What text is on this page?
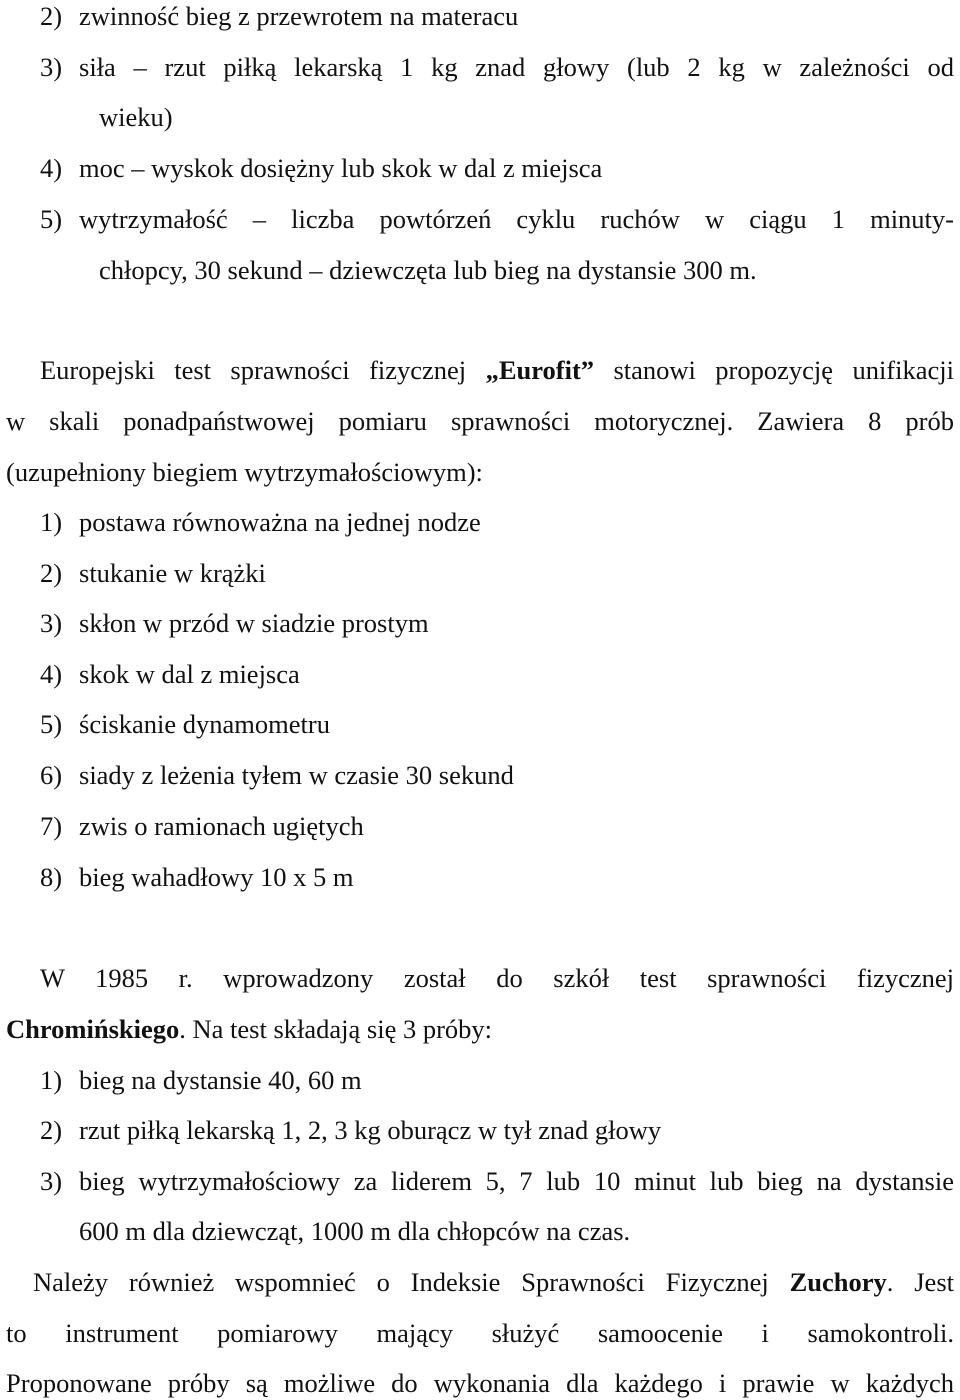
2) zwinność bieg z przewrotem na materacu
3) siła – rzut piłką lekarską 1 kg znad głowy (lub 2 kg w zależności od
wieku)
4) moc – wyskok dosiężny lub skok w dal z miejsca
5) wytrzymałość – liczba powtórzeń cyklu ruchów w ciągu 1 minuty-
chłopcy, 30 sekund – dziewczęta lub bieg na dystansie 300 m.
Europejski test sprawności fizycznej „Eurofit” stanowi propozycję unifikacji
w skali ponadpaństwowej pomiaru sprawności motorycznej. Zawiera 8 prób
(uzupełniony biegiem wytrzymałościowym):
1) postawa równoważna na jednej nodze
2) stukanie w krążki
3) skłon w przód w siadzie prostym
4) skok w dal z miejsca
5) ściskanie dynamometru
6) siady z leżenia tyłem w czasie 30 sekund
7) zwis o ramionach ugiętych
8) bieg wahadłowy 10 x 5 m
W 1985 r. wprowadzony został do szkół test sprawności fizycznej
Chromińskiego. Na test składają się 3 próby:
1) bieg na dystansie 40, 60 m
2) rzut piłką lekarską 1, 2, 3 kg oburącz w tył znad głowy
3) bieg wytrzymałościowy za liderem 5, 7 lub 10 minut lub bieg na dystansie
600 m dla dziewcząt, 1000 m dla chłopców na czas.
Należy również wspomnieć o Indeksie Sprawności Fizycznej Zuchory. Jest
to instrument pomiarowy mający służyć samoocenie i samokontroli.
Proponowane próby są możliwe do wykonania dla każdego i prawie w każdych
